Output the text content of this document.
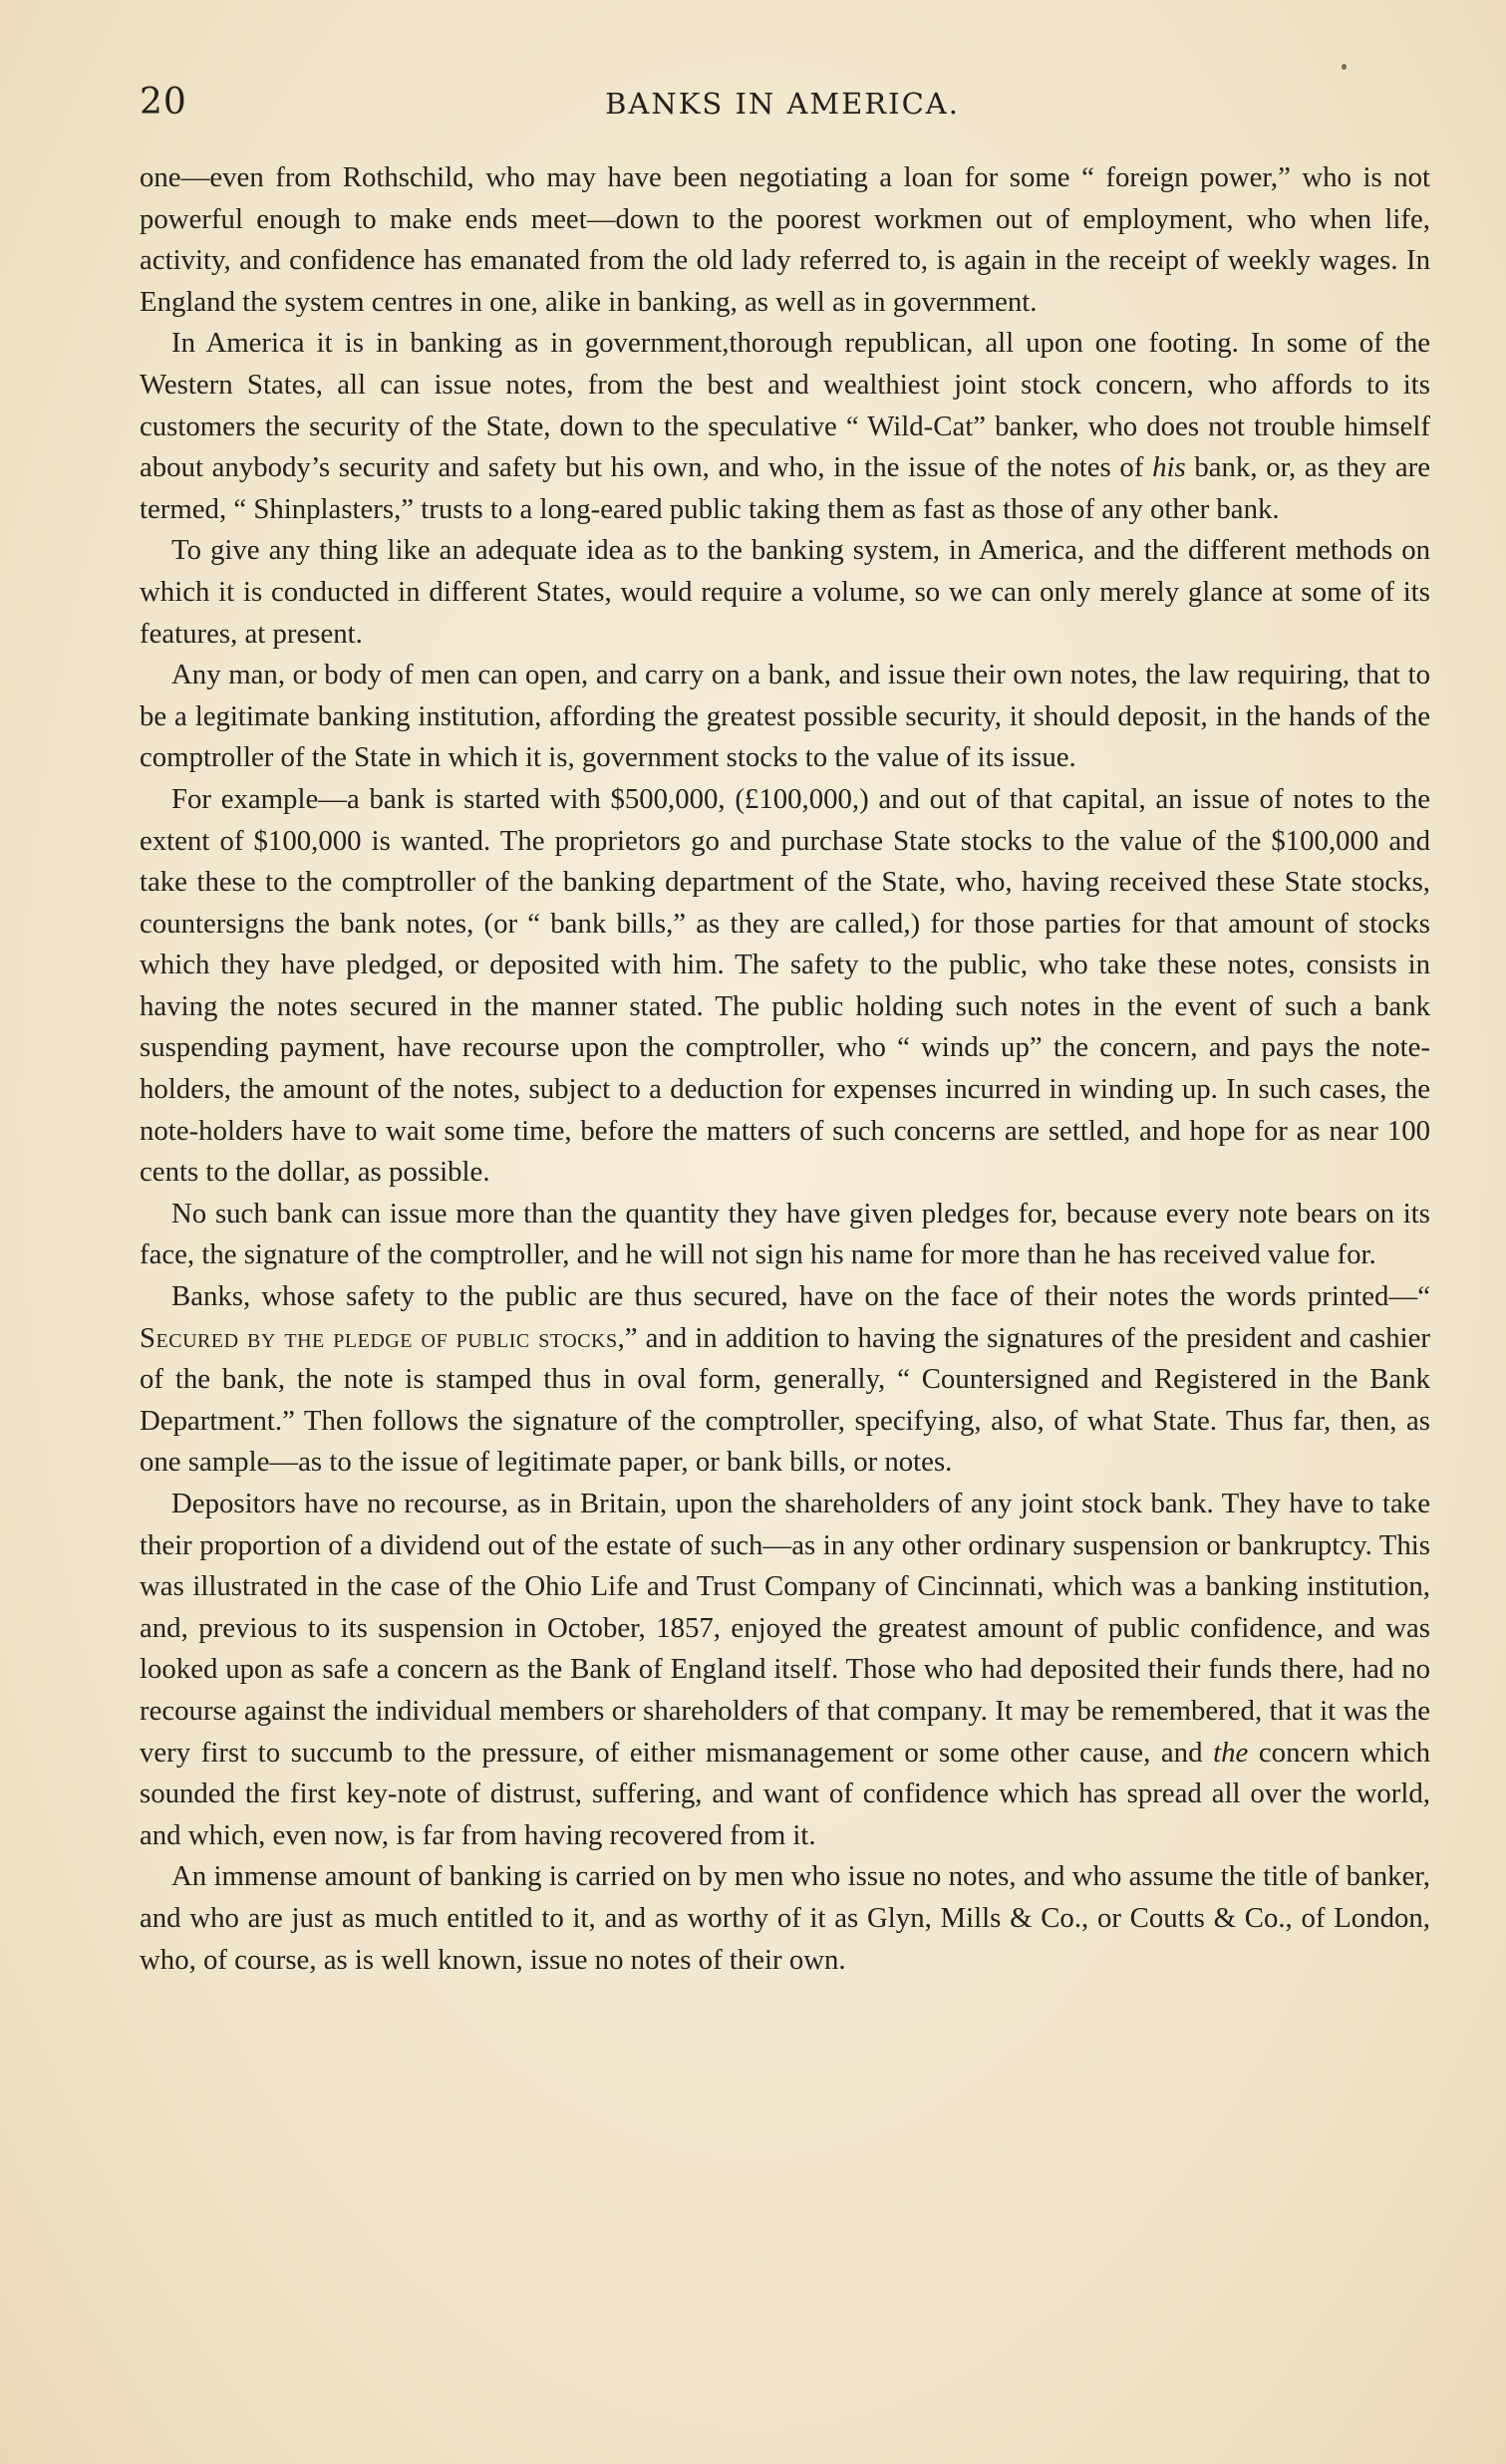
20	BANKS IN AMERICA.

one—even from Rothschild, who may have been negotiating a loan for some “ foreign power,” who is not powerful enough to make ends meet—down to the poorest workmen out of employment, who when life, activity, and confidence has emanated from the old lady referred to, is again in the receipt of weekly wages. In England the system centres in one, alike in banking, as well as in government.

In America it is in banking as in government,thorough republican, all upon one footing. In some of the Western States, all can issue notes, from the best and wealthiest joint stock concern, who affords to its customers the security of the State, down to the speculative “ Wild-Cat” banker, who does not trouble himself about anybody’s security and safety but his own, and who, in the issue of the notes of his bank, or, as they are termed, “ Shinplasters,” trusts to a long-eared public taking them as fast as those of any other bank.

To give any thing like an adequate idea as to the banking system, in America, and the different methods on which it is conducted in different States, would require a volume, so we can only merely glance at some of its features, at present.

Any man, or body of men can open, and carry on a bank, and issue their own notes, the law requiring, that to be a legitimate banking institution, affording the greatest possible security, it should deposit, in the hands of the comptroller of the State in which it is, government stocks to the value of its issue.

For example—a bank is started with $500,000, (£100,000,) and out of that capital, an issue of notes to the extent of $100,000 is wanted. The proprietors go and purchase State stocks to the value of the $100,000 and take these to the comptroller of the banking department of the State, who, having received these State stocks, countersigns the bank notes, (or “ bank bills,” as they are called,) for those parties for that amount of stocks which they have pledged, or deposited with him. The safety to the public, who take these notes, consists in having the notes secured in the manner stated. The public holding such notes in the event of such a bank suspending payment, have recourse upon the comptroller, who “ winds up” the concern, and pays the note-holders, the amount of the notes, subject to a deduction for expenses incurred in winding up. In such cases, the note-holders have to wait some time, before the matters of such concerns are settled, and hope for as near 100 cents to the dollar, as possible.

No such bank can issue more than the quantity they have given pledges for, because every note bears on its face, the signature of the comptroller, and he will not sign his name for more than he has received value for.

Banks, whose safety to the public are thus secured, have on the face of their notes the words printed—“ Secured by the pledge of public stocks,” and in addition to having the signatures of the president and cashier of the bank, the note is stamped thus in oval form, generally, “ Countersigned and Registered in the Bank Department.” Then follows the signature of the comptroller, specifying, also, of what State. Thus far, then, as one sample—as to the issue of legitimate paper, or bank bills, or notes.

Depositors have no recourse, as in Britain, upon the shareholders of any joint stock bank. They have to take their proportion of a dividend out of the estate of such—as in any other ordinary suspension or bankruptcy. This was illustrated in the case of the Ohio Life and Trust Company of Cincinnati, which was a banking institution, and, previous to its suspension in October, 1857, enjoyed the greatest amount of public confidence, and was looked upon as safe a concern as the Bank of England itself. Those who had deposited their funds there, had no recourse against the individual members or shareholders of that company. It may be remembered, that it was the very first to succumb to the pressure, of either mismanagement or some other cause, and the concern which sounded the first key-note of distrust, suffering, and want of confidence which has spread all over the world, and which, even now, is far from having recovered from it.

An immense amount of banking is carried on by men who issue no notes, and who assume the title of banker, and who are just as much entitled to it, and as worthy of it as Glyn, Mills & Co., or Coutts & Co., of London, who, of course, as is well known, issue no notes of their own.
